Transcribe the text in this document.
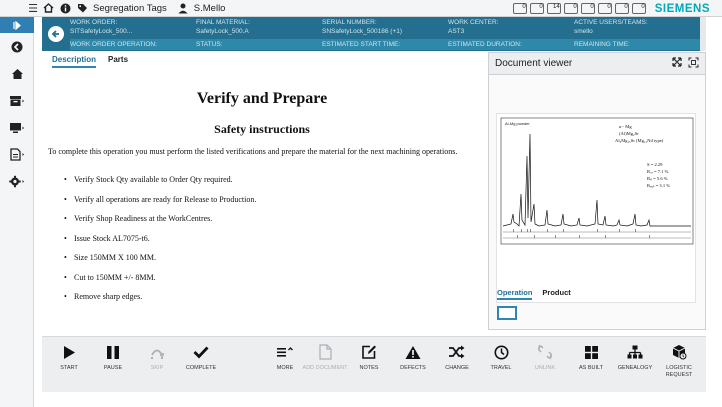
☰	Segregation Tags	S.Mello	0 0 14 0 0 0 0 0 SIEMENS
WORK ORDER:	FINAL MATERIAL:	SERIAL NUMBER:	WORK CENTER:	ACTIVE USERS/TEAMS:
SITSafetyLock_500...	SafetyLock_500.A	SNSafetyLock_500186 (+1)	AST3	smello
WORK ORDER OPERATION:	STATUS:	ESTIMATED START TIME:	ESTIMATED DURATION:	REMAINING TIME:
Description Parts
Verify and Prepare
Safety instructions
To complete this operation you must perform the listed verifications and prepare the material for the next machining operations.
• Verify Stock Qty available to Order Qty required.
• Verify all operations are ready for Release to Production.
• Verify Shop Readiness at the WorkCentres.
• Issue Stock AL7075-t6.
• Size 150MM X 100 MM.
• Cut to 150MM +/- 8MM.
• Remove sharp edges.
Document viewer
Al-Mg powder
α - Mg
(Al)Mg₂Sr
Al₃Mg₁₅Sr (Mg₁₂Nd type)
S = 2.29
R₇ₔ = 7.1 %
Rₚ = 5.6 %
Rₑₓₚ = 3.1 %
Operation Product
START	PAUSE	SKIP	COMPLETE	MORE	ADD DOCUMENT	NOTES	DEFECTS	CHANGE	TRAVEL	UNLINK	AS BUILT	GENEALOGY	LOGISTIC REQUEST
